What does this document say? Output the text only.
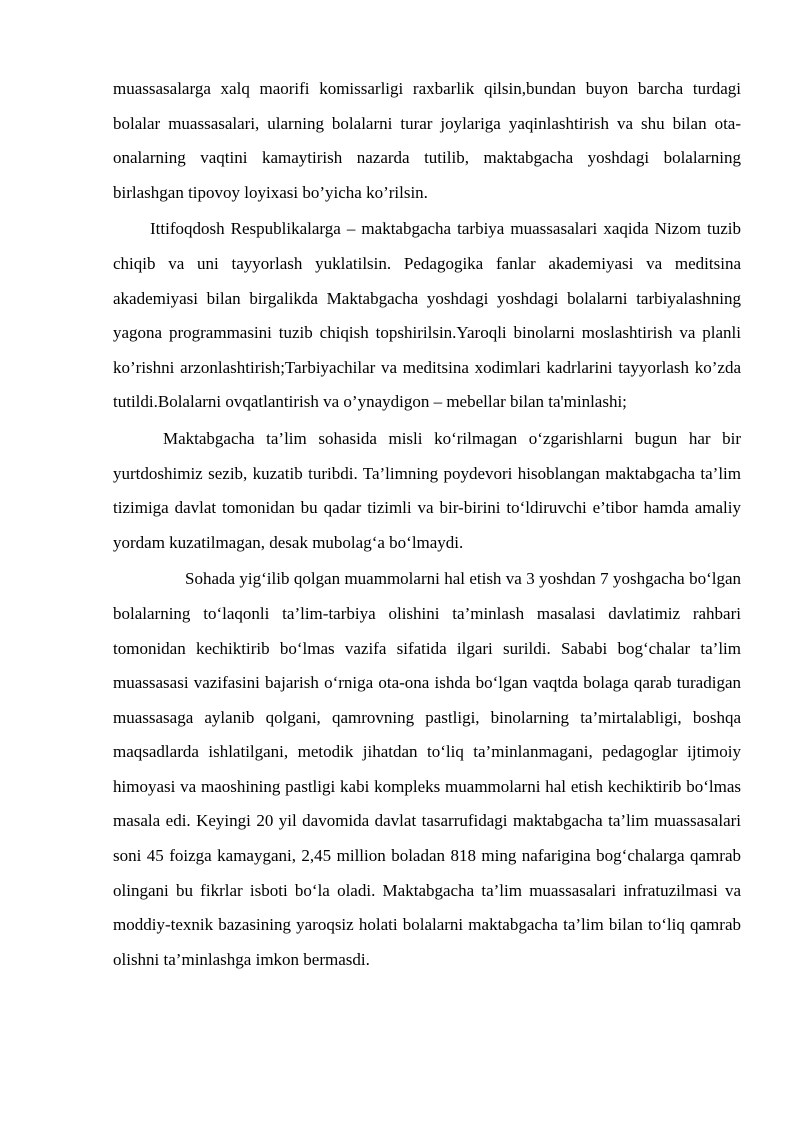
muassasalarga xalq maorifi komissarligi raxbarlik qilsin,bundan buyon barcha turdagi bolalar muassasalari, ularning bolalarni turar joylariga yaqinlashtirish va shu bilan ota-onalarning vaqtini kamaytirish nazarda tutilib, maktabgacha yoshdagi bolalarning birlashgan tipovoy loyixasi bo’yicha ko’rilsin.

Ittifoqdosh Respublikalarga – maktabgacha tarbiya muassasalari xaqida Nizom tuzib chiqib va uni tayyorlash yuklatilsin. Pedagogika fanlar akademiyasi va meditsina akademiyasi bilan birgalikda Maktabgacha yoshdagi yoshdagi bolalarni tarbiyalashning yagona programmasini tuzib chiqish topshirilsin.Yaroqli binolarni moslashtirish va planli ko’rishni arzonlashtirish;Tarbiyachilar va meditsina xodimlari kadrlarini tayyorlash ko’zda tutildi.Bolalarni ovqatlantirish va o’ynaydigon – mebellar bilan ta'minlashi;

Maktabgacha ta’lim sohasida misli ko‘rilmagan o‘zgarishlarni bugun har bir yurtdoshimiz sezib, kuzatib turibdi. Ta’limning poydevori hisoblangan maktabgacha ta’lim tizimiga davlat tomonidan bu qadar tizimli va bir-birini to‘ldiruvchi e’tibor hamda amaliy yordam kuzatilmagan, desak mubolag‘a bo‘lmaydi.

Sohada yig‘ilib qolgan muammolarni hal etish va 3 yoshdan 7 yoshgacha bo‘lgan bolalarning to‘laqonli ta’lim-tarbiya olishini ta’minlash masalasi davlatimiz rahbari tomonidan kechiktirib bo‘lmas vazifa sifatida ilgari surildi. Sababi bog‘chalar ta’lim muassasasi vazifasini bajarish o‘rniga ota-ona ishda bo‘lgan vaqtda bolaga qarab turadigan muassasaga aylanib qolgani, qamrovning pastligi, binolarning ta’mirtalabligi, boshqa maqsadlarda ishlatilgani, metodik jihatdan to‘liq ta’minlanmagani, pedagoglar ijtimoiy himoyasi va maoshining pastligi kabi kompleks muammolarni hal etish kechiktirib bo‘lmas masala edi. Keyingi 20 yil davomida davlat tasarrufidagi maktabgacha ta’lim muassasalari soni 45 foizga kamaygani, 2,45 million boladan 818 ming nafarigina bog‘chalarga qamrab olingani bu fikrlar isboti bo‘la oladi. Maktabgacha ta’lim muassasalari infratuzilmasi va moddiy-texnik bazasining yaroqsiz holati bolalarni maktabgacha ta’lim bilan to‘liq qamrab olishni ta’minlashga imkon bermasdi.
